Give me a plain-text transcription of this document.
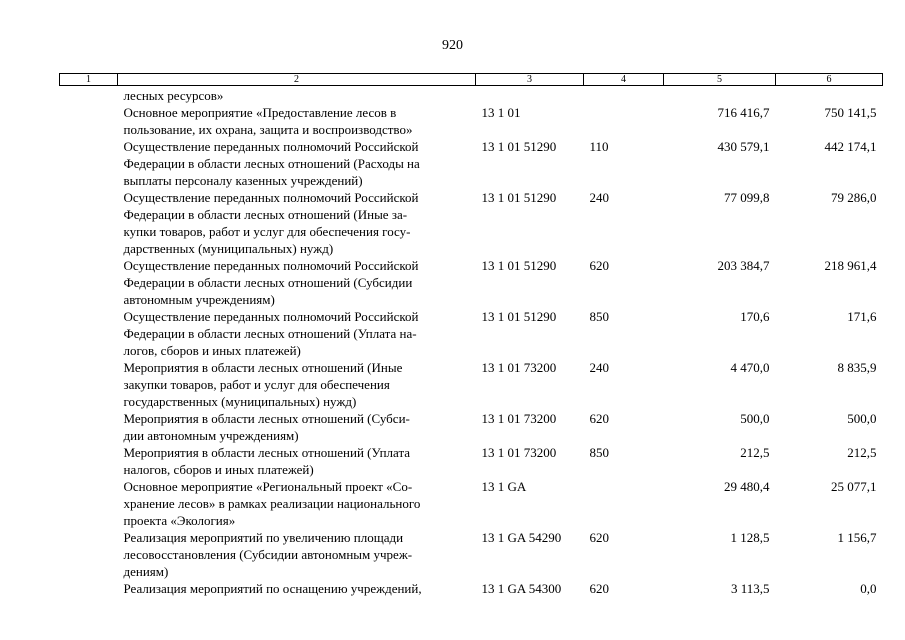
920
1	2	3	4	5	6
	лесных ресурсов»				
	Основное мероприятие «Предоставление лесов в
пользование, их охрана, защита и воспроизводство»	13 1 01		716 416,7	750 141,5
	Осуществление переданных полномочий Российской
Федерации в области лесных отношений (Расходы на
выплаты персоналу казенных учреждений)	13 1 01 51290	110	430 579,1	442 174,1
	Осуществление переданных полномочий Российской
Федерации в области лесных отношений (Иные за-
купки товаров, работ и услуг для обеспечения госу-
дарственных (муниципальных) нужд)	13 1 01 51290	240	77 099,8	79 286,0
	Осуществление переданных полномочий Российской
Федерации в области лесных отношений (Субсидии
автономным учреждениям)	13 1 01 51290	620	203 384,7	218 961,4
	Осуществление переданных полномочий Российской
Федерации в области лесных отношений (Уплата на-
логов, сборов и иных платежей)	13 1 01 51290	850	170,6	171,6
	Мероприятия в области лесных отношений (Иные
закупки товаров, работ и услуг для обеспечения
государственных (муниципальных) нужд)	13 1 01 73200	240	4 470,0	8 835,9
	Мероприятия в области лесных отношений (Субси-
дии автономным учреждениям)	13 1 01 73200	620	500,0	500,0
	Мероприятия в области лесных отношений (Уплата
налогов, сборов и иных платежей)	13 1 01 73200	850	212,5	212,5
	Основное мероприятие «Региональный проект «Со-
хранение лесов» в рамках реализации национального
проекта «Экология»	13 1 GA		29 480,4	25 077,1
	Реализация мероприятий по увеличению площади
лесовосстановления (Субсидии автономным учреж-
дениям)	13 1 GA 54290	620	1 128,5	1 156,7
	Реализация мероприятий по оснащению учреждений,	13 1 GA 54300	620	3 113,5	0,0
